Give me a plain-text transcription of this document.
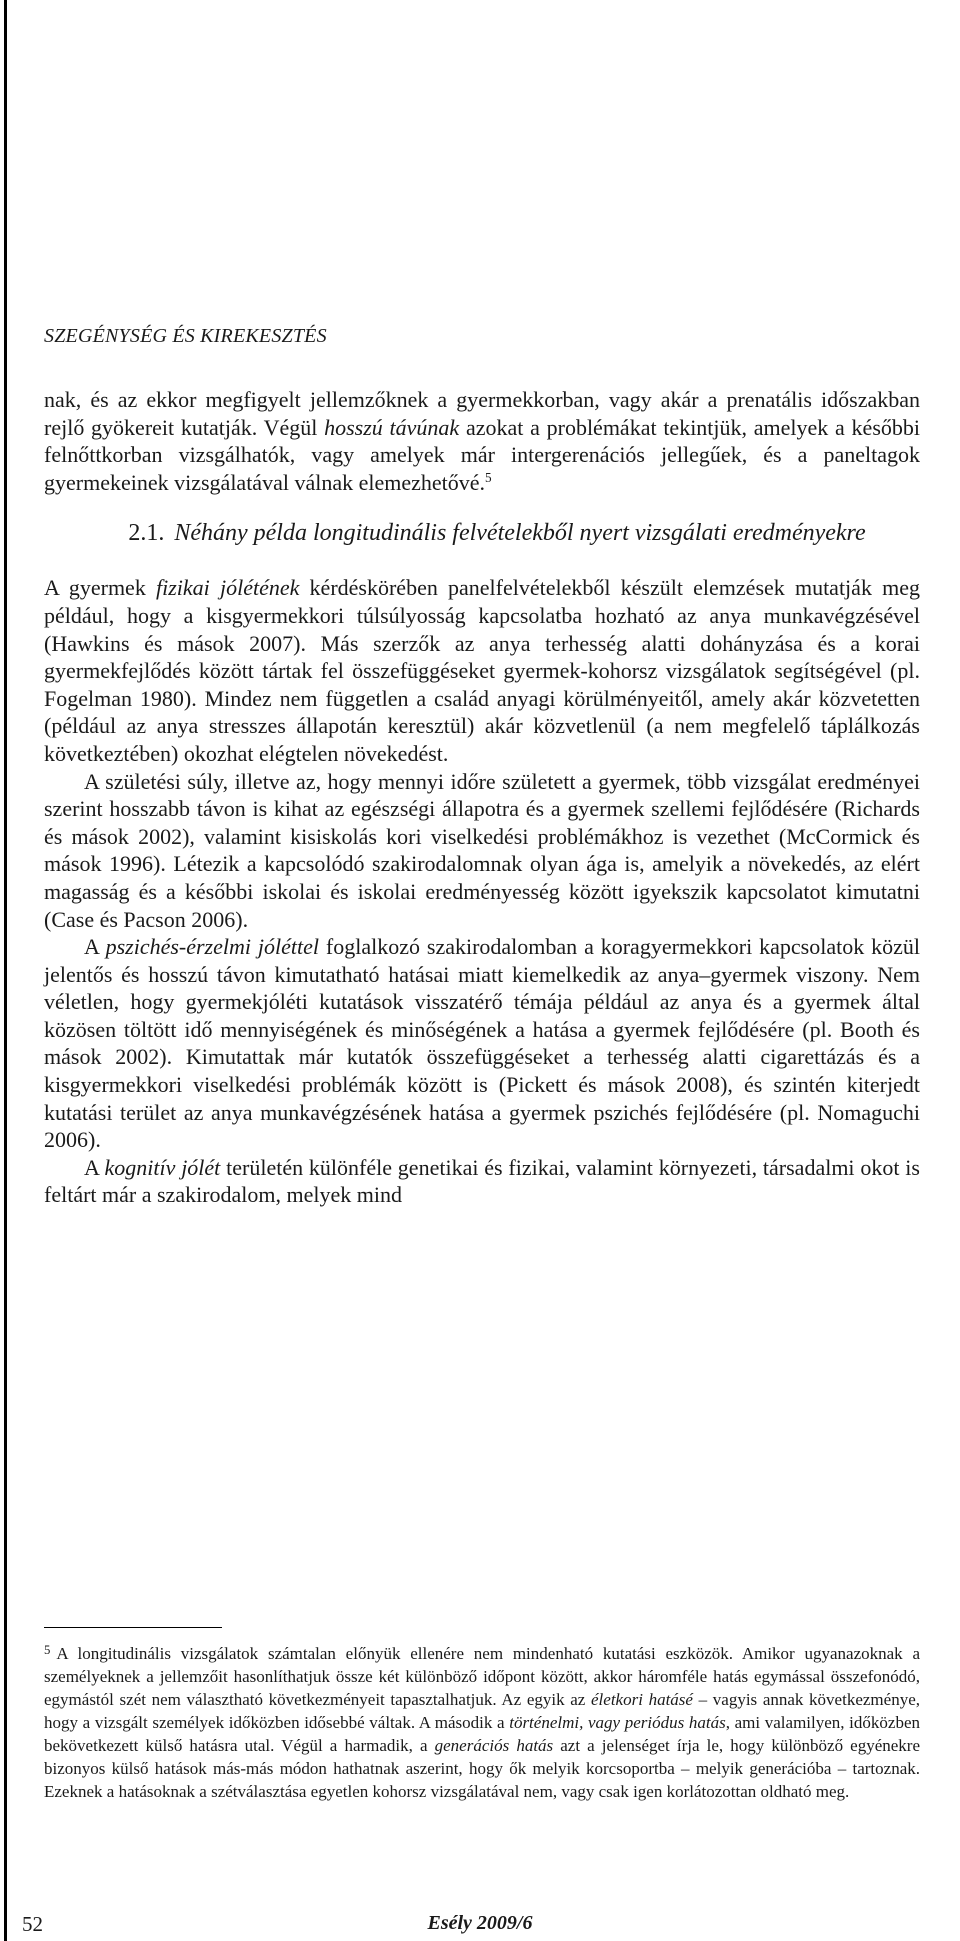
SZEGÉNYSÉG ÉS KIREKESZTÉS

nak, és az ekkor megfigyelt jellemzőknek a gyermekkorban, vagy akár a prenatális időszakban rejlő gyökereit kutatják. Végül hosszú távúnak azokat a problémákat tekintjük, amelyek a későbbi felnőttkorban vizsgálhatók, vagy amelyek már intergerenációs jellegűek, és a paneltagok gyermekeinek vizsgálatával válnak elemezhetővé.$^5$

2.1. Néhány példa longitudinális felvételekből nyert vizsgálati eredményekre

A gyermek fizikai jólétének kérdéskörében panelfelvételekből készült elemzések mutatják meg például, hogy a kisgyermekkori túlsúlyosság kapcsolatba hozható az anya munkavégzésével (Hawkins és mások 2007). Más szerzők az anya terhesség alatti dohányzása és a korai gyermekfejlődés között tártak fel összefüggéseket gyermek-kohorsz vizsgálatok segítségével (pl. Fogelman 1980). Mindez nem független a család anyagi körülményeitől, amely akár közvetetten (például az anya stresszes állapotán keresztül) akár közvetlenül (a nem megfelelő táplálkozás következtében) okozhat elégtelen növekedést.

A születési súly, illetve az, hogy mennyi időre született a gyermek, több vizsgálat eredményei szerint hosszabb távon is kihat az egészségi állapotra és a gyermek szellemi fejlődésére (Richards és mások 2002), valamint kisiskolás kori viselkedési problémákhoz is vezethet (McCormick és mások 1996). Létezik a kapcsolódó szakirodalomnak olyan ága is, amelyik a növekedés, az elért magasság és a későbbi iskolai és iskolai eredményesség között igyekszik kapcsolatot kimutatni (Case és Pacson 2006).

A pszichés-érzelmi jóléttel foglalkozó szakirodalomban a koragyermekkori kapcsolatok közül jelentős és hosszú távon kimutatható hatásai miatt kiemelkedik az anya–gyermek viszony. Nem véletlen, hogy gyermekjóléti kutatások visszatérő témája például az anya és a gyermek által közösen töltött idő mennyiségének és minőségének a hatása a gyermek fejlődésére (pl. Booth és mások 2002). Kimutattak már kutatók összefüggéseket a terhesség alatti cigarettázás és a kisgyermekkori viselkedési problémák között is (Pickett és mások 2008), és szintén kiterjedt kutatási terület az anya munkavégzésének hatása a gyermek pszichés fejlődésére (pl. Nomaguchi 2006).

A kognitív jólét területén különféle genetikai és fizikai, valamint környezeti, társadalmi okot is feltárt már a szakirodalom, melyek mind

$^5$ A longitudinális vizsgálatok számtalan előnyük ellenére nem mindenható kutatási eszközök. Amikor ugyanazoknak a személyeknek a jellemzőit hasonlíthatjuk össze két különböző időpont között, akkor háromféle hatás egymással összefonódó, egymástól szét nem választható következményeit tapasztalhatjuk. Az egyik az életkori hatásé – vagyis annak következménye, hogy a vizsgált személyek időközben idősebbé váltak. A második a történelmi, vagy periódus hatás, ami valamilyen, időközben bekövetkezett külső hatásra utal. Végül a harmadik, a generációs hatás azt a jelenséget írja le, hogy különböző egyénekre bizonyos külső hatások más-más módon hathatnak aszerint, hogy ők melyik korcsoportba – melyik generációba – tartoznak. Ezeknek a hatásoknak a szétválasztása egyetlen kohorsz vizsgálatával nem, vagy csak igen korlátozottan oldható meg.

52	Esély 2009/6
